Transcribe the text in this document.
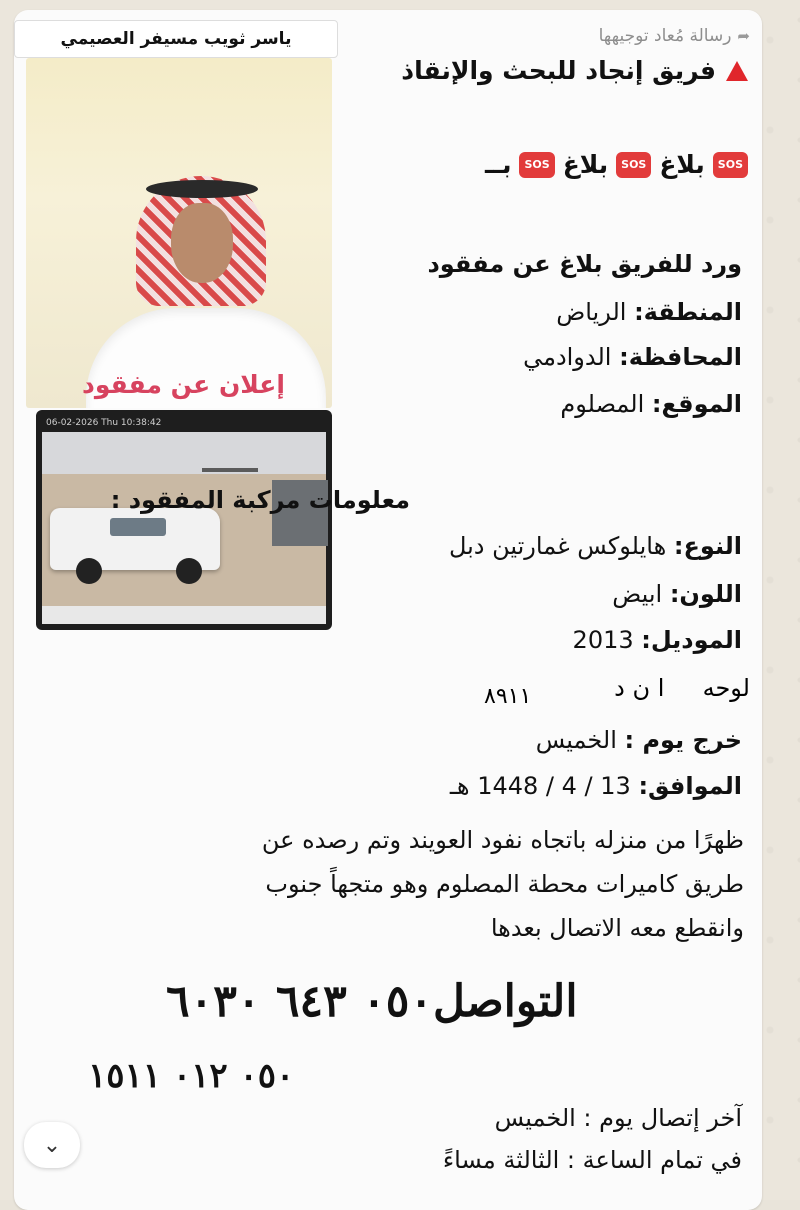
➦
رسالة مُعاد توجيهها
ياسر ثويب مسيفر العصيمي
إعلان عن مفقود
06-02-2026 Thu 10:38:42
فريق إنجاد للبحث والإنقاذ
SOS
بلاغ
SOS
بلاغ
SOS
بــ
ورد للفريق بلاغ عن مفقود
المنطقة: الرياض
المحافظة: الدوادمي
الموقع: المصلوم
معلومات مركبة المفقود :
النوع: هايلوكس غمارتين دبل
اللون: ابيض
الموديل: 2013
لوحه     ا ن د
٨٩١١
خرج يوم : الخميس
الموافق: 13 / 4 / 1448 هـ
ظهرًا من منزله باتجاه نفود العويند وتم رصده عن طريق كاميرات محطة المصلوم وهو متجهاً جنوب وانقطع معه الاتصال بعدها
التواصل٠٥٠ ٦٤٣ ٦٠٣٠
٠٥٠ ٠١٢ ١٥١١
آخر إتصال يوم : الخميس
في تمام الساعة : الثالثة مساءً
⌄
